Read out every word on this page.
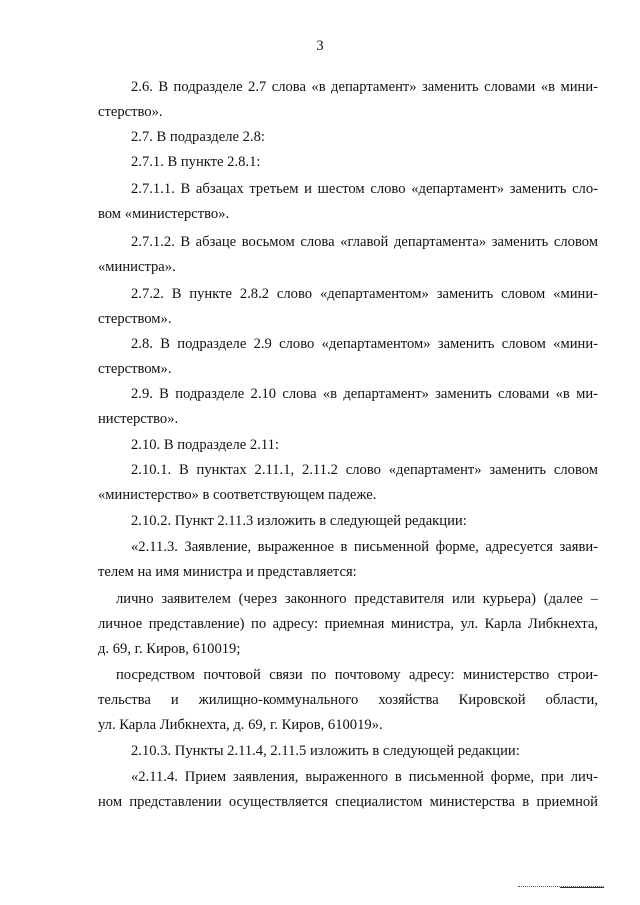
3
2.6. В подразделе 2.7 слова «в департамент» заменить словами «в мини-
стерство».
2.7. В подразделе 2.8:
2.7.1. В пункте 2.8.1:
2.7.1.1. В абзацах третьем и шестом слово «департамент» заменить сло-
вом «министерство».
2.7.1.2. В абзаце восьмом слова «главой департамента» заменить словом
«министра».
2.7.2. В пункте 2.8.2 слово «департаментом» заменить словом «мини-
стерством».
2.8. В подразделе 2.9 слово «департаментом» заменить словом «мини-
стерством».
2.9. В подразделе 2.10 слова «в департамент» заменить словами «в ми-
нистерство».
2.10. В подразделе 2.11:
2.10.1. В пунктах 2.11.1, 2.11.2 слово «департамент» заменить словом
«министерство» в соответствующем падеже.
2.10.2. Пункт 2.11.3 изложить в следующей редакции:
«2.11.3. Заявление, выраженное в письменной форме, адресуется заяви-
телем на имя министра и представляется:
лично заявителем (через законного представителя или курьера) (далее –
личное представление) по адресу: приемная министра, ул. Карла Либкнехта,
д. 69, г. Киров, 610019;
посредством почтовой связи по почтовому адресу: министерство строи-
тельства и жилищно-коммунального хозяйства Кировской области,
ул. Карла Либкнехта, д. 69, г. Киров, 610019».
2.10.3. Пункты 2.11.4, 2.11.5 изложить в следующей редакции:
«2.11.4. Прием заявления, выраженного в письменной форме, при лич-
ном представлении осуществляется специалистом министерства в приемной
